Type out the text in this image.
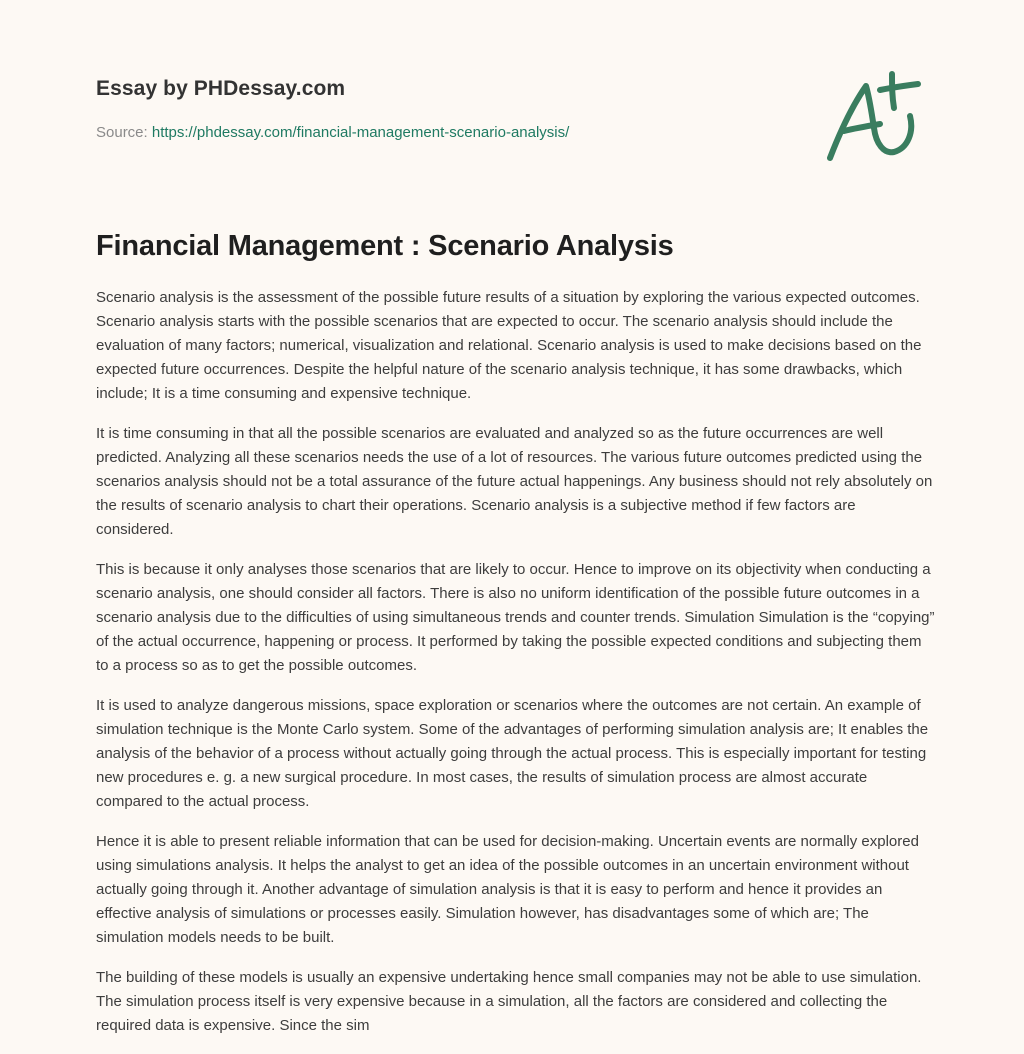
Essay by PHDessay.com
Source: https://phdessay.com/financial-management-scenario-analysis/
Financial Management : Scenario Analysis

Scenario analysis is the assessment of the possible future results of a situation by exploring the various expected outcomes. Scenario analysis starts with the possible scenarios that are expected to occur. The scenario analysis should include the evaluation of many factors; numerical, visualization and relational. Scenario analysis is used to make decisions based on the expected future occurrences. Despite the helpful nature of the scenario analysis technique, it has some drawbacks, which include; It is a time consuming and expensive technique.

It is time consuming in that all the possible scenarios are evaluated and analyzed so as the future occurrences are well predicted. Analyzing all these scenarios needs the use of a lot of resources. The various future outcomes predicted using the scenarios analysis should not be a total assurance of the future actual happenings. Any business should not rely absolutely on the results of scenario analysis to chart their operations. Scenario analysis is a subjective method if few factors are considered.

This is because it only analyses those scenarios that are likely to occur. Hence to improve on its objectivity when conducting a scenario analysis, one should consider all factors. There is also no uniform identification of the possible future outcomes in a scenario analysis due to the difficulties of using simultaneous trends and counter trends. Simulation Simulation is the “copying” of the actual occurrence, happening or process. It performed by taking the possible expected conditions and subjecting them to a process so as to get the possible outcomes.

It is used to analyze dangerous missions, space exploration or scenarios where the outcomes are not certain. An example of simulation technique is the Monte Carlo system. Some of the advantages of performing simulation analysis are; It enables the analysis of the behavior of a process without actually going through the actual process. This is especially important for testing new procedures e. g. a new surgical procedure. In most cases, the results of simulation process are almost accurate compared to the actual process.

Hence it is able to present reliable information that can be used for decision-making. Uncertain events are normally explored using simulations analysis. It helps the analyst to get an idea of the possible outcomes in an uncertain environment without actually going through it. Another advantage of simulation analysis is that it is easy to perform and hence it provides an effective analysis of simulations or processes easily. Simulation however, has disadvantages some of which are; The simulation models needs to be built.

The building of these models is usually an expensive undertaking hence small companies may not be able to use simulation. The simulation process itself is very expensive because in a simulation, all the factors are considered and collecting the required data is expensive. Since the sim
